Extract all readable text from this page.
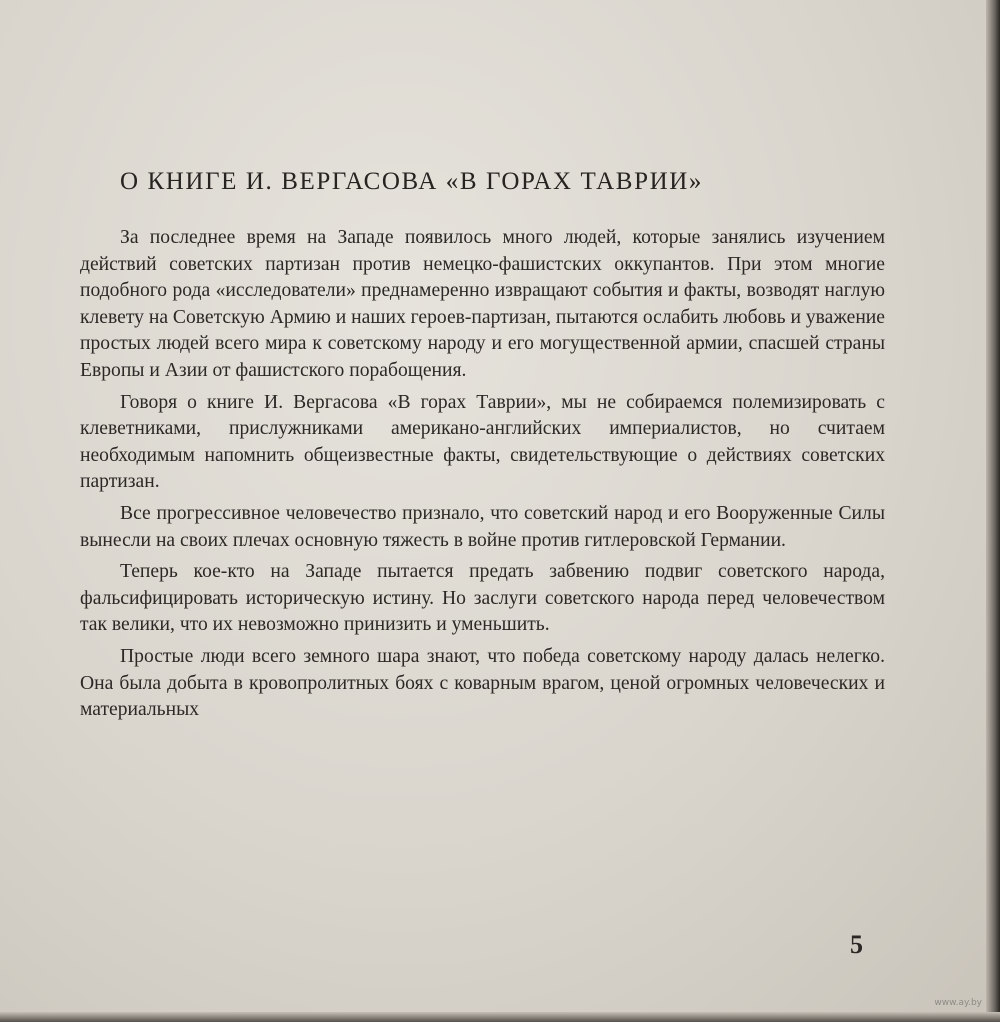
О КНИГЕ И. ВЕРГАСОВА «В ГОРАХ ТАВРИИ»

За последнее время на Западе появилось много людей, которые занялись изучением действий советских партизан против немецко-фашистских оккупантов. При этом многие подобного рода «исследователи» преднамеренно извращают события и факты, возводят наглую клевету на Советскую Армию и наших героев-партизан, пытаются ослабить любовь и уважение простых людей всего мира к советскому народу и его могущественной армии, спасшей страны Европы и Азии от фашистского порабощения.

Говоря о книге И. Вергасова «В горах Таврии», мы не собираемся полемизировать с клеветниками, прислужниками американо-английских империалистов, но считаем необходимым напомнить общеизвестные факты, свидетельствующие о действиях советских партизан.

Все прогрессивное человечество признало, что советский народ и его Вооруженные Силы вынесли на своих плечах основную тяжесть в войне против гитлеровской Германии.

Теперь кое-кто на Западе пытается предать забвению подвиг советского народа, фальсифицировать историческую истину. Но заслуги советского народа перед человечеством так велики, что их невозможно принизить и уменьшить.

Простые люди всего земного шара знают, что победа советскому народу далась нелегко. Она была добыта в кровопролитных боях с коварным врагом, ценой огромных человеческих и материальных

5
www.ay.by
